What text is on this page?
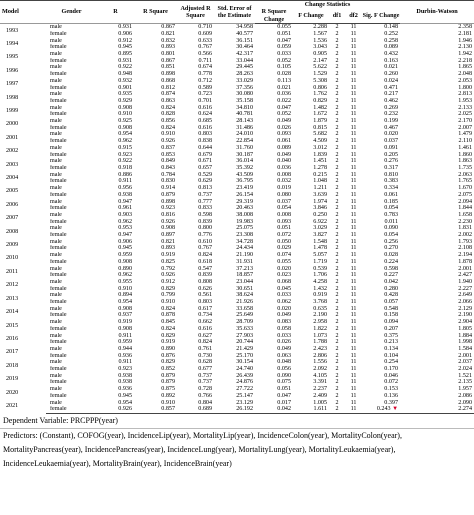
Model	Gender	R	R Square	Adjusted R Square	Std. Error of the Estimate	Change Statistics					Durbin-Watson
						R Square Change	F Change	df1	df2	Sig. F Change	
1993	male	0.931	0.867	0.710	34.958	0.055	2.288	2	11	0.148	2.358
	female	0.906	0.821	0.609	40.577	0.051	1.567	2	11	0.252	2.181
1994	male	0.912	0.832	0.633	36.151	0.047	1.536	2	11	0.258	1.946
	female	0.945	0.893	0.767	30.464	0.059	3.043	2	11	0.089	2.130
1995	male	0.895	0.801	0.566	42.317	0.033	0.905	2	11	0.432	1.942
	female	0.931	0.867	0.711	33.044	0.052	2.147	2	11	0.163	2.218
1996	male	0.922	0.851	0.674	29.445	0.105	5.622	2	11	0.021	1.865
	female	0.948	0.898	0.778	28.263	0.028	1.529	2	11	0.260	2.048
1997	male	0.932	0.868	0.712	33.029	0.113	5.308	2	11	0.024	2.053
	female	0.901	0.812	0.589	37.356	0.021	0.806	2	11	0.471	1.800
1998	male	0.935	0.874	0.723	30.080	0.036	1.762	2	11	0.217	2.813
	female	0.929	0.863	0.701	35.158	0.022	0.829	2	11	0.462	1.953
1999	male	0.908	0.824	0.616	34.810	0.047	1.482	2	11	0.269	2.133
	female	0.910	0.828	0.624	40.781	0.052	1.672	2	11	0.232	2.025
2000	male	0.925	0.856	0.685	28.143	0.049	1.879	2	11	0.199	2.170
	female	0.908	0.824	0.616	31.486	0.026	0.815	2	11	0.467	2.007
2001	male	0.954	0.910	0.803	24.010	0.093	5.682	2	11	0.020	1.479
	female	0.962	0.926	0.838	22.854	0.061	4.509	2	11	0.037	2.110
2002	male	0.915	0.837	0.644	31.760	0.089	3.012	2	11	0.091	1.461
	female	0.923	0.853	0.679	30.187	0.049	1.839	2	11	0.205	1.860
2003	male	0.922	0.849	0.671	36.014	0.040	1.451	2	11	0.276	1.863
	female	0.918	0.843	0.657	35.392	0.036	1.278	2	11	0.317	1.735
2004	male	0.886	0.784	0.529	43.509	0.008	0.215	2	11	0.810	2.063
	female	0.911	0.830	0.629	36.795	0.032	1.048	2	11	0.383	1.765
2005	male	0.956	0.914	0.813	23.419	0.019	1.211	2	11	0.334	1.670
	female	0.938	0.879	0.737	26.154	0.080	3.639	2	11	0.061	2.075
2006	male	0.947	0.898	0.777	29.319	0.037	1.974	2	11	0.185	2.094
	female	0.961	0.923	0.833	20.463	0.054	3.846	2	11	0.054	1.844
2007	male	0.903	0.816	0.598	38.008	0.008	0.250	2	11	0.783	1.658
	female	0.962	0.926	0.839	19.983	0.093	6.922	2	11	0.011	2.230
2008	male	0.953	0.908	0.800	25.075	0.051	3.029	2	11	0.090	1.831
	female	0.947	0.897	0.776	23.308	0.072	3.827	2	11	0.054	2.002
2009	male	0.906	0.821	0.610	34.728	0.050	1.548	2	11	0.256	1.793
	female	0.945	0.893	0.767	24.434	0.029	1.478	2	11	0.270	2.108
2010	male	0.959	0.919	0.824	21.190	0.074	5.057	2	11	0.028	2.194
	female	0.908	0.825	0.618	31.931	0.055	1.719	2	11	0.224	1.878
2011	male	0.890	0.792	0.547	37.213	0.020	0.539	2	11	0.598	2.001
	female	0.962	0.926	0.839	18.857	0.023	1.706	2	11	0.227	2.427
2012	male	0.955	0.912	0.808	23.044	0.068	4.258	2	11	0.042	1.940
	female	0.910	0.829	0.626	30.651	0.045	1.432	2	11	0.280	2.227
2013	male	0.894	0.799	0.561	38.624	0.033	0.919	2	11	0.428	2.649
	female	0.954	0.910	0.803	21.926	0.062	3.768	2	11	0.057	2.066
2014	male	0.908	0.824	0.617	33.658	0.020	0.635	2	11	0.548	2.129
	female	0.937	0.878	0.734	25.649	0.049	2.190	2	11	0.158	2.190
2015	male	0.919	0.845	0.662	28.709	0.083	2.958	2	11	0.094	2.904
	female	0.908	0.824	0.616	35.633	0.058	1.822	2	11	0.207	1.805
2016	male	0.911	0.829	0.627	27.903	0.033	1.073	2	11	0.375	1.884
	female	0.959	0.919	0.824	20.744	0.026	1.788	2	11	0.213	1.998
2017	male	0.944	0.890	0.761	21.429	0.049	2.423	2	11	0.134	1.584
	female	0.936	0.876	0.730	25.170	0.063	2.806	2	11	0.104	2.001
2018	male	0.911	0.829	0.628	30.154	0.048	1.556	2	11	0.254	2.037
	female	0.923	0.852	0.677	24.740	0.056	2.092	2	11	0.170	2.024
2019	male	0.938	0.879	0.737	26.439	0.090	4.105	2	11	0.046	1.521
	female	0.938	0.879	0.737	24.876	0.075	3.391	2	11	0.072	2.135
2020	male	0.936	0.875	0.728	27.722	0.051	2.237	2	11	0.153	1.957
	female	0.945	0.892	0.766	25.147	0.047	2.409	2	11	0.136	2.086
2021	male	0.954	0.910	0.804	23.129	0.017	1.005	2	11	0.397	2.090
	female	0.926	0.857	0.689	26.192	0.042	1.611	2	11	0.243 ▼	2.274
Dependent Variable: PRCPPP(year)
Predictors: (Constant), COFOG(year), IncidenceLip(year), MortalityLip(year), IncidenceColon(year), MortalityColon(year),
MortalityPancreas(year), IncidencePancreas(year), IncidenceLung(year), MortalityLung(year), MortalityLeukaemia(year),
IncidenceLeukaemia(year), MortalityBrain(year), IncidenceBrain(year)
